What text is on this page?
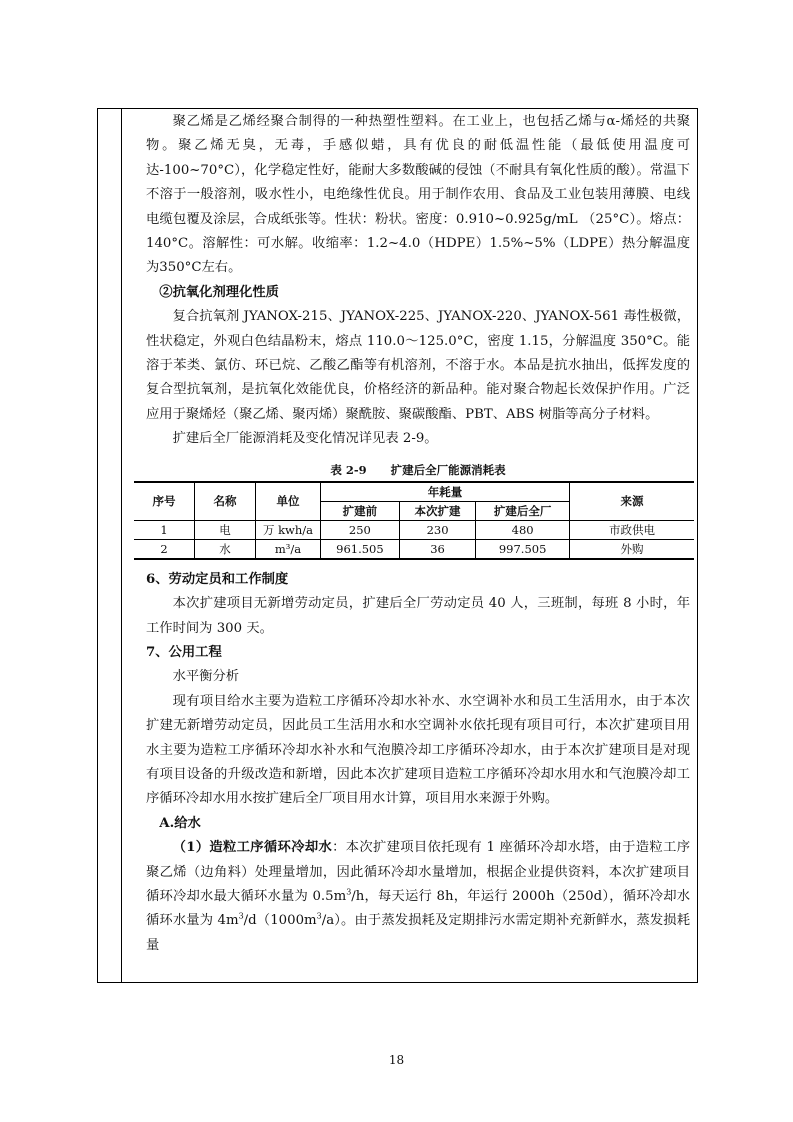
聚乙烯是乙烯经聚合制得的一种热塑性塑料。在工业上，也包括乙烯与α-烯烃的共聚物。聚乙烯无臭，无毒，手感似蜡，具有优良的耐低温性能（最低使用温度可达-100~70°C），化学稳定性好，能耐大多数酸碱的侵蚀（不耐具有氧化性质的酸）。常温下不溶于一般溶剂，吸水性小，电绝缘性优良。用于制作农用、食品及工业包装用薄膜、电线电缆包覆及涂层，合成纸张等。性状：粉状。密度：0.910~0.925g/mL （25°C）。熔点：140°C。溶解性：可水解。收缩率：1.2~4.0（HDPE）1.5%~5%（LDPE）热分解温度为350°C左右。

②抗氧化剂理化性质

复合抗氧剂 JYANOX-215、JYANOX-225、JYANOX-220、JYANOX-561 毒性极微，性状稳定，外观白色结晶粉末，熔点 110.0～125.0°C，密度 1.15，分解温度 350°C。能溶于苯类、氯仿、环已烷、乙酸乙酯等有机溶剂，不溶于水。本品是抗水抽出，低挥发度的复合型抗氧剂，是抗氧化效能优良，价格经济的新品种。能对聚合物起长效保护作用。广泛应用于聚烯烃（聚乙烯、聚丙烯）聚酰胺、聚碳酸酯、PBT、ABS 树脂等高分子材料。

扩建后全厂能源消耗及变化情况详见表 2-9。

表 2-9 扩建后全厂能源消耗表
序号	名称	单位	年耗量			来源
			扩建前	本次扩建	扩建后全厂	
1	电	万 kwh/a	250	230	480	市政供电
2	水	m³/a	961.505	36	997.505	外购

6、劳动定员和工作制度

本次扩建项目无新增劳动定员，扩建后全厂劳动定员 40 人，三班制，每班 8 小时，年工作时间为 300 天。

7、公用工程

水平衡分析

现有项目给水主要为造粒工序循环冷却水补水、水空调补水和员工生活用水，由于本次扩建无新增劳动定员，因此员工生活用水和水空调补水依托现有项目可行，本次扩建项目用水主要为造粒工序循环冷却水补水和气泡膜冷却工序循环冷却水，由于本次扩建项目是对现有项目设备的升级改造和新增，因此本次扩建项目造粒工序循环冷却水用水和气泡膜冷却工序循环冷却水用水按扩建后全厂项目用水计算，项目用水来源于外购。

A.给水

（1）造粒工序循环冷却水：本次扩建项目依托现有 1 座循环冷却水塔，由于造粒工序聚乙烯（边角料）处理量增加，因此循环冷却水量增加，根据企业提供资料，本次扩建项目循环冷却水最大循环水量为 $0.5m^3/h$，每天运行 8h，年运行 2000h（250d），循环冷却水循环水量为 $4m^3/d(1000m^3/a)$。由于蒸发损耗及定期排污水需定期补充新鲜水，蒸发损耗量

18
